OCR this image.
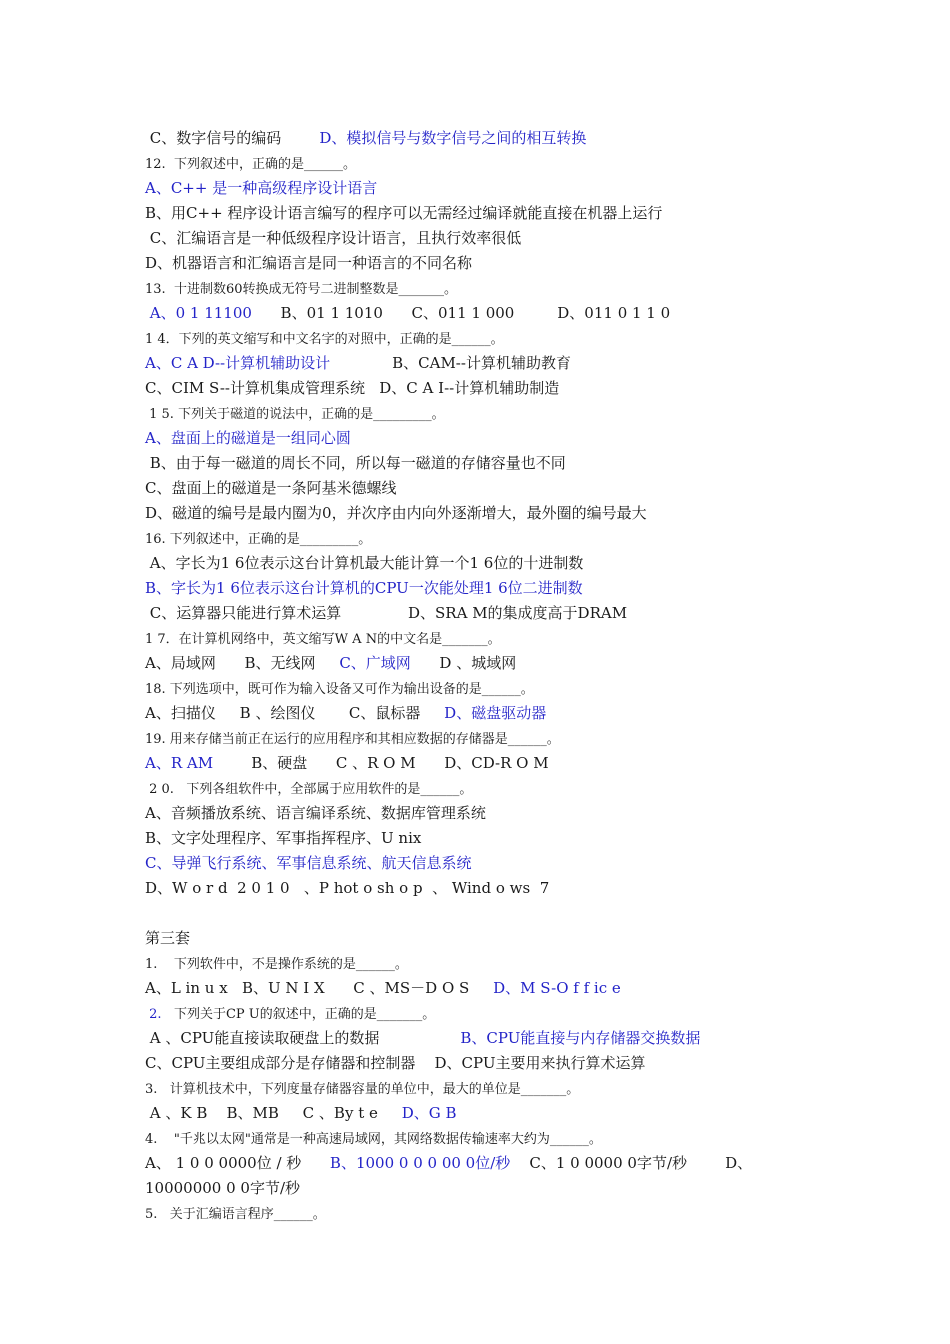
C、数字信号的编码        D、模拟信号与数字信号之间的相互转换
12.  下列叙述中，正确的是______。
A、C++ 是一种高级程序设计语言
B、用C++ 程序设计语言编写的程序可以无需经过编译就能直接在机器上运行
C、汇编语言是一种低级程序设计语言，且执行效率很低
D、机器语言和汇编语言是同一种语言的不同名称
13.  十进制数60转换成无符号二进制整数是_______。
A、0 1 11100      B、01 1 1010      C、011 1 000         D、011 0 1 1 0
1 4．下列的英文缩写和中文名字的对照中，正确的是______。
A、C A D--计算机辅助设计             B、CAM--计算机辅助教育
C、CIM S--计算机集成管理系统   D、C A I--计算机辅助制造
1 5. 下列关于磁道的说法中，正确的是_________。
A、盘面上的磁道是一组同心圆
B、由于每一磁道的周长不同，所以每一磁道的存储容量也不同
C、盘面上的磁道是一条阿基米德螺线
D、磁道的编号是最内圈为0，并次序由内向外逐渐增大，最外圈的编号最大
16. 下列叙述中，正确的是_________。
A、字长为1 6位表示这台计算机最大能计算一个1 6位的十进制数
B、字长为1 6位表示这台计算机的CPU一次能处理1 6位二进制数
C、运算器只能进行算术运算              D、SRA M的集成度高于DRAM
1 7．在计算机网络中，英文缩写W A N的中文名是_______。
A、局域网      B、无线网     C、广域网      D 、城域网
18. 下列选项中，既可作为输入设备又可作为输出设备的是______。
A、扫描仪     B 、绘图仪       C、鼠标器     D、磁盘驱动器
19. 用来存储当前正在运行的应用程序和其相应数据的存储器是______。
A、R AM        B、硬盘      C 、R O M      D、CD-R O M
2 0.   下列各组软件中，全部属于应用软件的是______。
A、音频播放系统、语言编译系统、数据库管理系统
B、文字处理程序、军事指挥程序、U nix
C、导弹飞行系统、军事信息系统、航天信息系统
D、W o r d  2 0 1 0   、P hot o sh o p  、 Wind o ws  7
第三套
1.    下列软件中，不是操作系统的是______。
A、L in u x   B、U N I X      C 、MS－D O S     D、M S-O f f ic e
2.   下列关于CP U的叙述中，正确的是_______。
A 、CPU能直接读取硬盘上的数据                 B、CPU能直接与内存储器交换数据
C、CPU主要组成部分是存储器和控制器    D、CPU主要用来执行算术运算
3.   计算机技术中，下列度量存储器容量的单位中，最大的单位是_______。
A 、K B    B、MB     C 、By t e     D、G B
4.    "千兆以太网"通常是一种高速局域网，其网络数据传输速率大约为______。
A、 1 0 0 0000位 / 秒      B、1000 0 0 0 00 0位/秒    C、1 0 0000 0字节/秒        D、
10000000 0 0字节/秒
5.   关于汇编语言程序______。
